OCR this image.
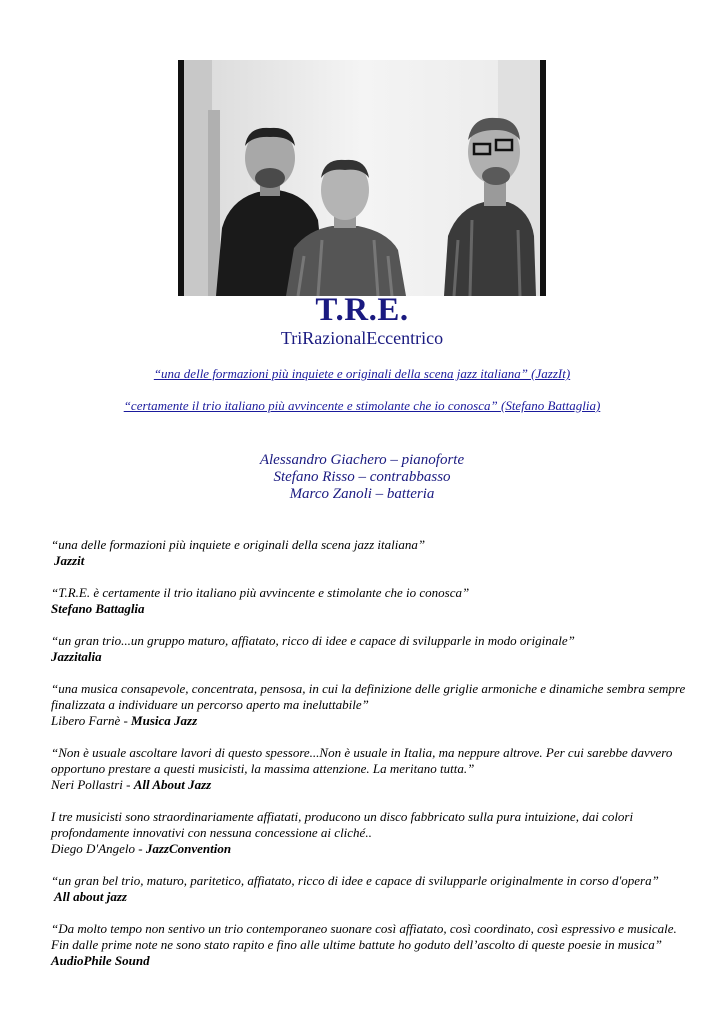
T.R.E.
TriRazionalEccentrico
“una delle formazioni più inquiete e originali della scena jazz italiana” (JazzIt)
“certamente il trio italiano più avvincente e stimolante che io conosca” (Stefano Battaglia)
Alessandro Giachero – pianoforte
Stefano Risso – contrabbasso
Marco Zanoli – batteria
“una delle formazioni più inquiete e originali della scena jazz italiana”
Jazzit
“T.R.E. è certamente il trio italiano più avvincente e stimolante che io conosca”
Stefano Battaglia
“un gran trio...un gruppo maturo, affiatato, ricco di idee e capace di svilupparle in modo originale”
Jazzitalia
“una musica consapevole, concentrata, pensosa, in cui la definizione delle griglie armoniche e dinamiche sembra sempre finalizzata a individuare un percorso aperto ma ineluttabile”
Libero Farnè - Musica Jazz
“Non è usuale ascoltare lavori di questo spessore...Non è usuale in Italia, ma neppure altrove. Per cui sarebbe davvero opportuno prestare a questi musicisti, la massima attenzione. La meritano tutta.”
Neri Pollastri - All About Jazz
I tre musicisti sono straordinariamente affiatati, producono un disco fabbricato sulla pura intuizione, dai colori profondamente innovativi con nessuna concessione ai cliché..
Diego D'Angelo - JazzConvention
“un gran bel trio, maturo, paritetico, affiatato, ricco di idee e capace di svilupparle originalmente in corso d'opera”
All about jazz
“Da molto tempo non sentivo un trio contemporaneo suonare così affiatato, così coordinato, così espressivo e musicale. Fin dalle prime note ne sono stato rapito e fino alle ultime battute ho goduto dell’ascolto di queste poesie in musica”
AudioPhile Sound
